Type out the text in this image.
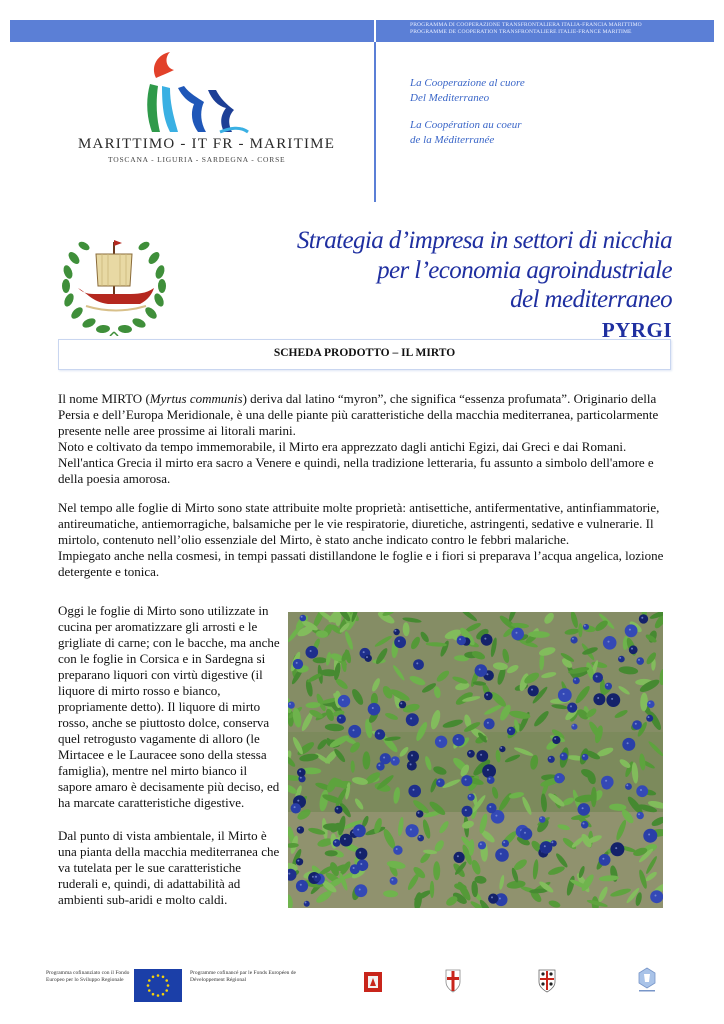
PROGRAMMA DI COOPERAZIONE TRANSFRONTALIERA ITALIA-FRANCIA MARITTIMO
PROGRAMME DE COOPERATION TRANSFRONTALIERE ITALIE-FRANCE MARITIME
MARITTIMO - IT FR - MARITIME
TOSCANA - LIGURIA - SARDEGNA - CORSE
La Cooperazione al cuore
Del Mediterraneo
La Coopération au coeur
de la Méditerranée
Strategia d’impresa in settori di nicchia
per l’economia agroindustriale
del mediterraneo
PYRGI
SCHEDA PRODOTTO – IL MIRTO

Il nome MIRTO (Myrtus communis) deriva dal latino “myron”, che significa “essenza profumata”. Originario della Persia e dell’Europa Meridionale, è una delle piante più caratteristiche della macchia mediterranea, particolarmente presente nelle aree prossime ai litorali marini.

Noto e coltivato da tempo immemorabile, il Mirto era apprezzato dagli antichi Egizi, dai Greci e dai Romani.

Nell'antica Grecia il mirto era sacro a Venere e quindi, nella tradizione letteraria, fu assunto a simbolo dell'amore e della poesia amorosa.

Nel tempo alle foglie di Mirto sono state attribuite molte proprietà: antisettiche, antifermentative, antinfiammatorie, antireumatiche, antiemorragiche, balsamiche per le vie respiratorie, diuretiche, astringenti, sedative e vulnerarie. Il mirtolo, contenuto nell’olio essenziale del Mirto, è stato anche indicato contro le febbri malariche.

Impiegato anche nella cosmesi, in tempi passati distillandone le foglie e i fiori si preparava l’acqua angelica, lozione detergente e tonica.

Oggi le foglie di Mirto sono utilizzate in cucina per aromatizzare gli arrosti e le grigliate di carne; con le bacche, ma anche con le foglie in Corsica e in Sardegna si preparano liquori con virtù digestive (il liquore di mirto rosso e bianco, propriamente detto). Il liquore di mirto rosso, anche se piuttosto dolce, conserva quel retrogusto vagamente di alloro (le Mirtacee e le Lauracee sono della stessa famiglia), mentre nel mirto bianco il sapore amaro è decisamente più deciso, ed ha marcate caratteristiche digestive.
Dal punto di vista ambientale, il Mirto è una pianta della macchia mediterranea che va tutelata per le sue caratteristiche ruderali e, quindi, di adattabilità ad ambienti sub-aridi e molto caldi.
Programma cofinanziato con il Fondo Europeo per lo Sviluppo Regionale
Programme cofinancé par le Fonds Européen de Développement Régional
